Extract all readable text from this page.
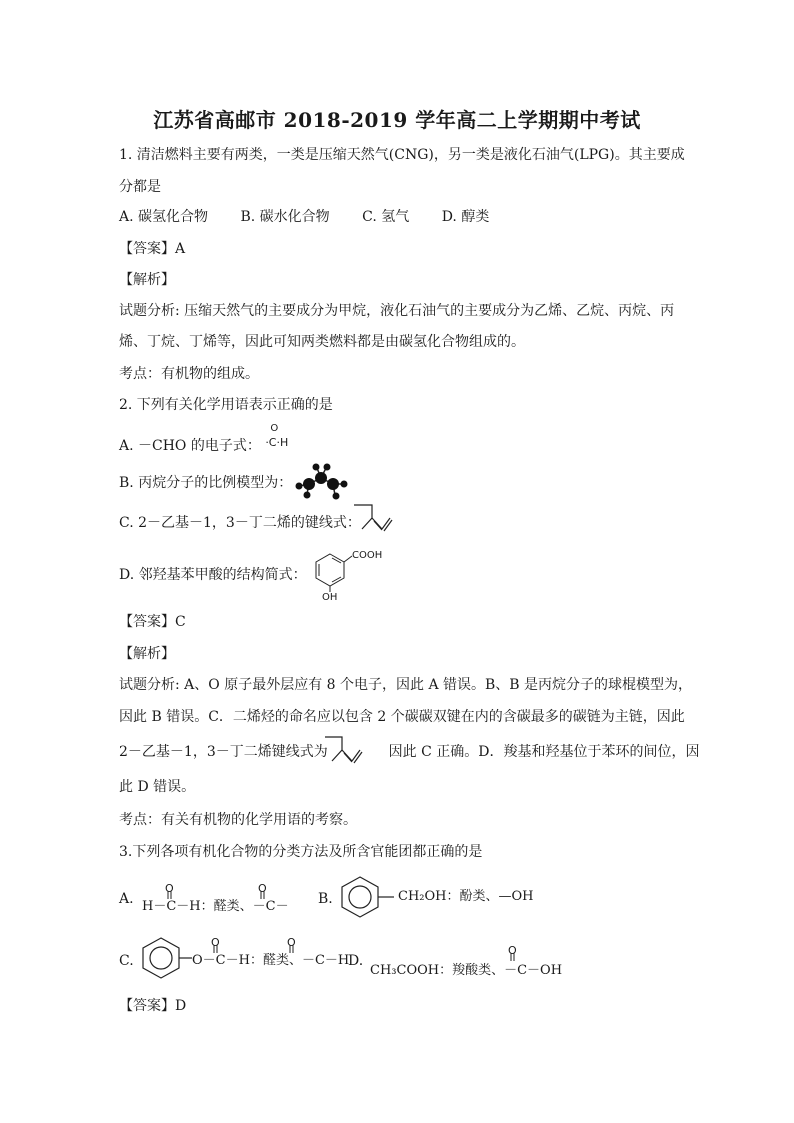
江苏省高邮市 2018-2019 学年高二上学期期中考试
1. 清洁燃料主要有两类，一类是压缩天然气(CNG)，另一类是液化石油气(LPG)。其主要成
分都是
A. 碳氢化合物 B. 碳水化合物 C. 氢气 D. 醇类
【答案】A
【解析】
试题分析: 压缩天然气的主要成分为甲烷，液化石油气的主要成分为乙烯、乙烷、丙烷、丙
烯、丁烷、丁烯等，因此可知两类燃料都是由碳氢化合物组成的。
考点：有机物的组成。
2. 下列有关化学用语表示正确的是
A. －CHO 的电子式：
O
·C·H
B. 丙烷分子的比例模型为：
C. 2－乙基－1，3－丁二烯的键线式：
D. 邻羟基苯甲酸的结构简式：
COOH
OH
【答案】C
【解析】
试题分析: A、O 原子最外层应有 8 个电子，因此 A 错误。B、B 是丙烷分子的球棍模型为，
因此 B 错误。C．二烯烃的命名应以包含 2 个碳碳双键在内的含碳最多的碳链为主链，因此
2－乙基－1，3－丁二烯键线式为	因此 C 正确。D．羧基和羟基位于苯环的间位，因
此 D 错误。
考点：有关有机物的化学用语的考察。
3.下列各项有机化合物的分类方法及所含官能团都正确的是
A. H－C－H：醛类、－C－
O	O
B.	CH₂OH：酚类、—OH
C.	O－C－H：醛类、－C－H
O	O
D.
CH₃COOH：羧酸类、－C－OH
O
【答案】D
